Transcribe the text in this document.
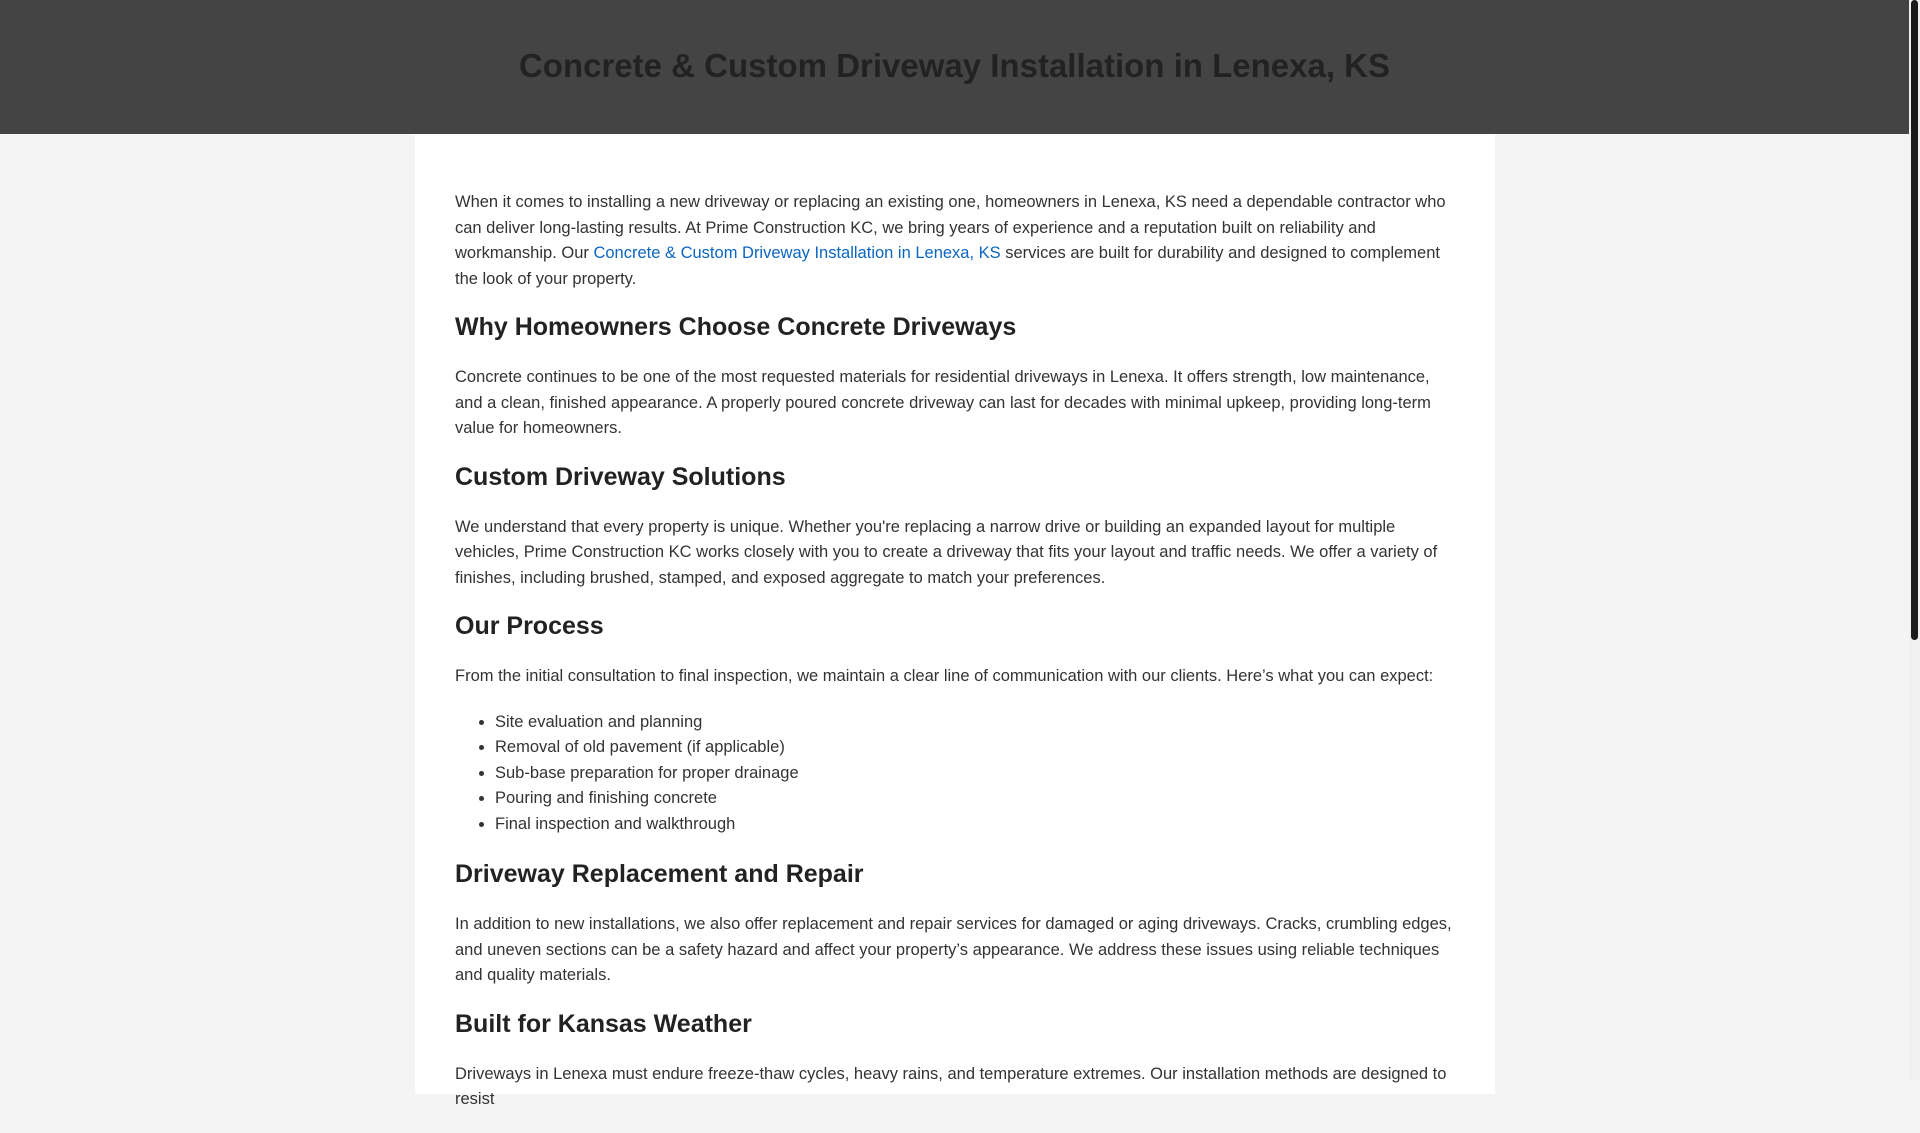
Concrete & Custom Driveway Installation in Lenexa, KS

When it comes to installing a new driveway or replacing an existing one, homeowners in Lenexa, KS need a dependable contractor who can deliver long-lasting results. At Prime Construction KC, we bring years of experience and a reputation built on reliability and workmanship. Our Concrete & Custom Driveway Installation in Lenexa, KS services are built for durability and designed to complement the look of your property.

Why Homeowners Choose Concrete Driveways

Concrete continues to be one of the most requested materials for residential driveways in Lenexa. It offers strength, low maintenance, and a clean, finished appearance. A properly poured concrete driveway can last for decades with minimal upkeep, providing long-term value for homeowners.

Custom Driveway Solutions

We understand that every property is unique. Whether you're replacing a narrow drive or building an expanded layout for multiple vehicles, Prime Construction KC works closely with you to create a driveway that fits your layout and traffic needs. We offer a variety of finishes, including brushed, stamped, and exposed aggregate to match your preferences.

Our Process

From the initial consultation to final inspection, we maintain a clear line of communication with our clients. Here’s what you can expect:

• Site evaluation and planning
• Removal of old pavement (if applicable)
• Sub-base preparation for proper drainage
• Pouring and finishing concrete
• Final inspection and walkthrough
Driveway Replacement and Repair

In addition to new installations, we also offer replacement and repair services for damaged or aging driveways. Cracks, crumbling edges, and uneven sections can be a safety hazard and affect your property’s appearance. We address these issues using reliable techniques and quality materials.

Built for Kansas Weather

Driveways in Lenexa must endure freeze-thaw cycles, heavy rains, and temperature extremes. Our installation methods are designed to resist
